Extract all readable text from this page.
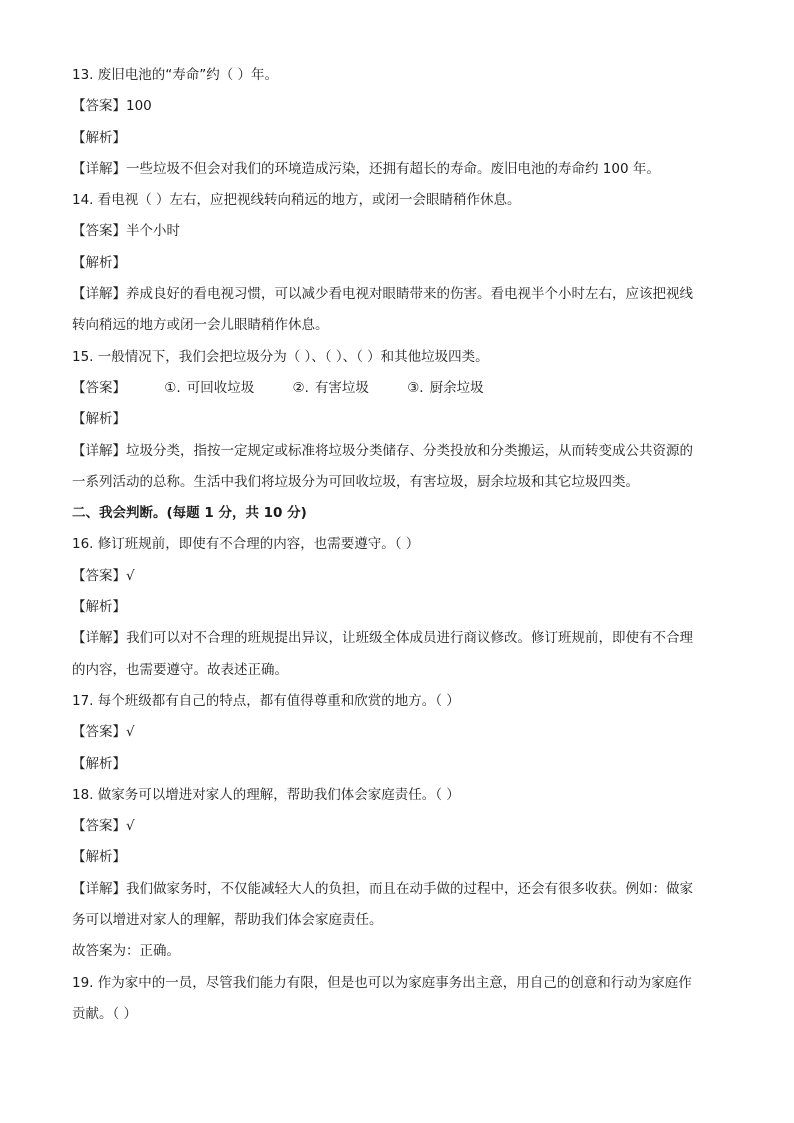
13. 废旧电池的“寿命”约（ ）年。
【答案】100
【解析】
【详解】一些垃圾不但会对我们的环境造成污染，还拥有超长的寿命。废旧电池的寿命约 100 年。
14. 看电视（ ）左右，应把视线转向稍远的地方，或闭一会眼睛稍作休息。
【答案】半个小时
【解析】
【详解】养成良好的看电视习惯，可以减少看电视对眼睛带来的伤害。看电视半个小时左右，应该把视线
转向稍远的地方或闭一会儿眼睛稍作休息。
15. 一般情况下，我们会把垃圾分为（ ）、（ ）、（ ）和其他垃圾四类。
【答案】	①. 可回收垃圾	②. 有害垃圾	③. 厨余垃圾
【解析】
【详解】垃圾分类，指按一定规定或标准将垃圾分类储存、分类投放和分类搬运，从而转变成公共资源的
一系列活动的总称。生活中我们将垃圾分为可回收垃圾，有害垃圾，厨余垃圾和其它垃圾四类。
二、我会判断。(每题 1 分，共 10 分)
16. 修订班规前，即使有不合理的内容，也需要遵守。（ ）
【答案】√
【解析】
【详解】我们可以对不合理的班规提出异议，让班级全体成员进行商议修改。修订班规前，即使有不合理
的内容，也需要遵守。故表述正确。
17. 每个班级都有自己的特点，都有值得尊重和欣赏的地方。（ ）
【答案】√
【解析】
18. 做家务可以增进对家人的理解，帮助我们体会家庭责任。（ ）
【答案】√
【解析】
【详解】我们做家务时，不仅能减轻大人的负担，而且在动手做的过程中，还会有很多收获。例如：做家
务可以增进对家人的理解，帮助我们体会家庭责任。
故答案为：正确。
19. 作为家中的一员，尽管我们能力有限，但是也可以为家庭事务出主意，用自己的创意和行动为家庭作
贡献。（ ）
